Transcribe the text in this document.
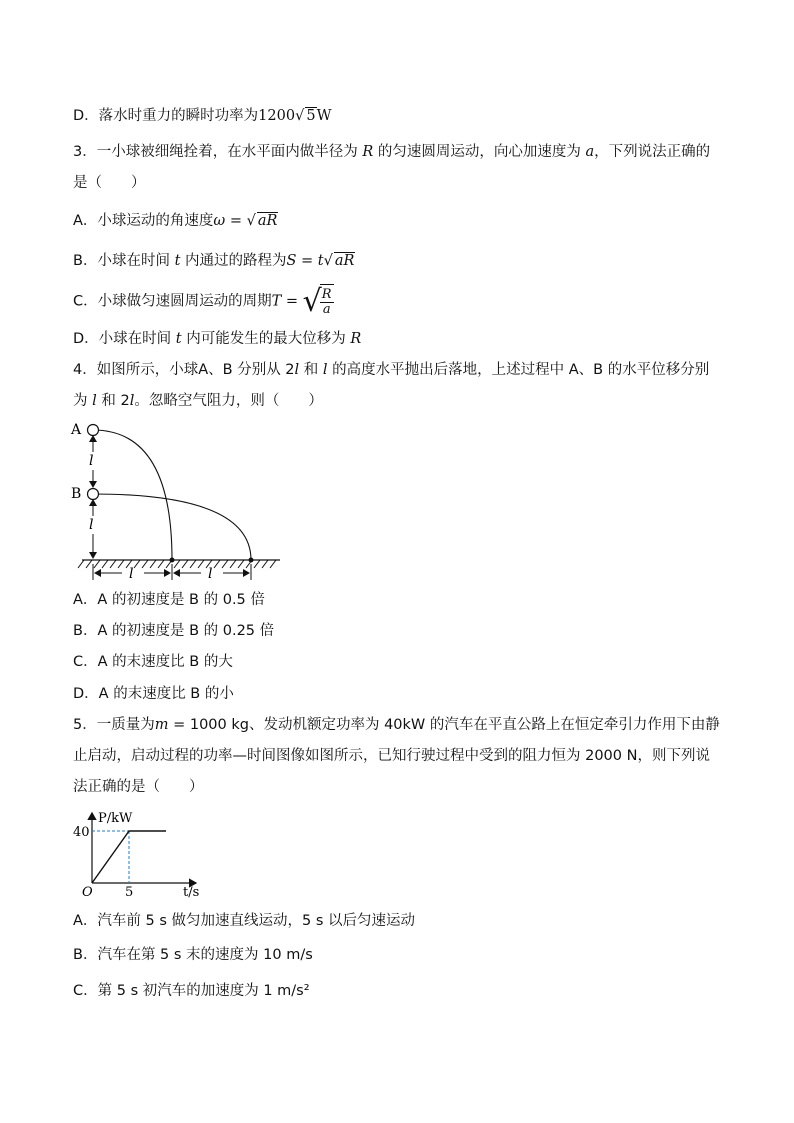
D．落水时重力的瞬时功率为1200√ 5W
3．一小球被细绳拴着，在水平面内做半径为 R 的匀速圆周运动，向心加速度为 a，下列说法正确的
是（　　）
A．小球运动的角速度ω = √ aR
B．小球在时间 t 内通过的路程为S = t√ aR
C．小球做匀速圆周运动的周期T = √
$\frac{R}{a}$
D．小球在时间 t 内可能发生的最大位移为 R
4．如图所示，小球A、B 分别从 2l 和 l 的高度水平抛出后落地，上述过程中 A、B 的水平位移分别
为 l 和 2l。忽略空气阻力，则（　　）
A
B
l
l
l	l
A．A 的初速度是 B 的 0.5 倍
B．A 的初速度是 B 的 0.25 倍
C．A 的末速度比 B 的大
D．A 的末速度比 B 的小
5．一质量为m = 1000 kg、发动机额定功率为 40kW 的汽车在平直公路上在恒定牵引力作用下由静
止启动，启动过程的功率—时间图像如图所示，已知行驶过程中受到的阻力恒为 2000 N，则下列说
法正确的是（　　）
P/kW
t/s
O 5
40
A．汽车前 5 s 做匀加速直线运动，5 s 以后匀速运动
B．汽车在第 5 s 末的速度为 10 m/s
C．第 5 s 初汽车的加速度为 1 m/s²
